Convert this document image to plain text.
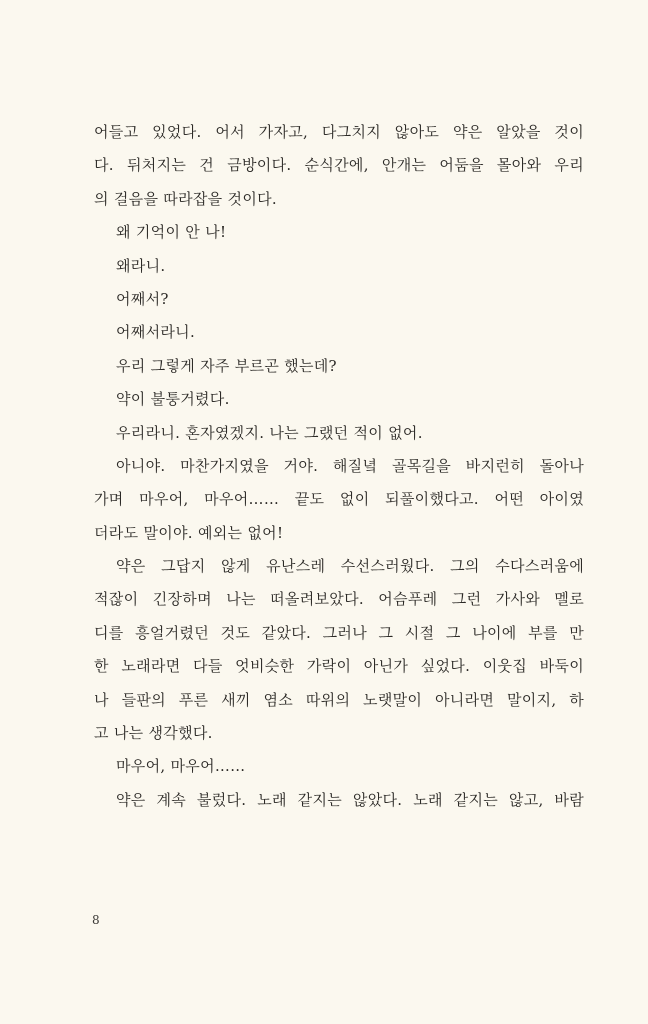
어들고 있었다. 어서 가자고, 다그치지 않아도 약은 알았을 것이
다. 뒤처지는 건 금방이다. 순식간에, 안개는 어둠을 몰아와 우리
의 걸음을 따라잡을 것이다.
왜 기억이 안 나!
왜라니.
어째서?
어째서라니.
우리 그렇게 자주 부르곤 했는데?
약이 불퉁거렸다.
우리라니. 혼자였겠지. 나는 그랬던 적이 없어.
아니야. 마찬가지였을 거야. 해질녘 골목길을 바지런히 돌아나
가며 마우어, 마우어…… 끝도 없이 되풀이했다고. 어떤 아이였
더라도 말이야. 예외는 없어!
약은 그답지 않게 유난스레 수선스러웠다. 그의 수다스러움에
적잖이 긴장하며 나는 떠올려보았다. 어슴푸레 그런 가사와 멜로
디를 흥얼거렸던 것도 같았다. 그러나 그 시절 그 나이에 부를 만
한 노래라면 다들 엇비슷한 가락이 아닌가 싶었다. 이웃집 바둑이
나 들판의 푸른 새끼 염소 따위의 노랫말이 아니라면 말이지, 하
고 나는 생각했다.
마우어, 마우어……
약은 계속 불렀다. 노래 같지는 않았다. 노래 같지는 않고, 바람
8
